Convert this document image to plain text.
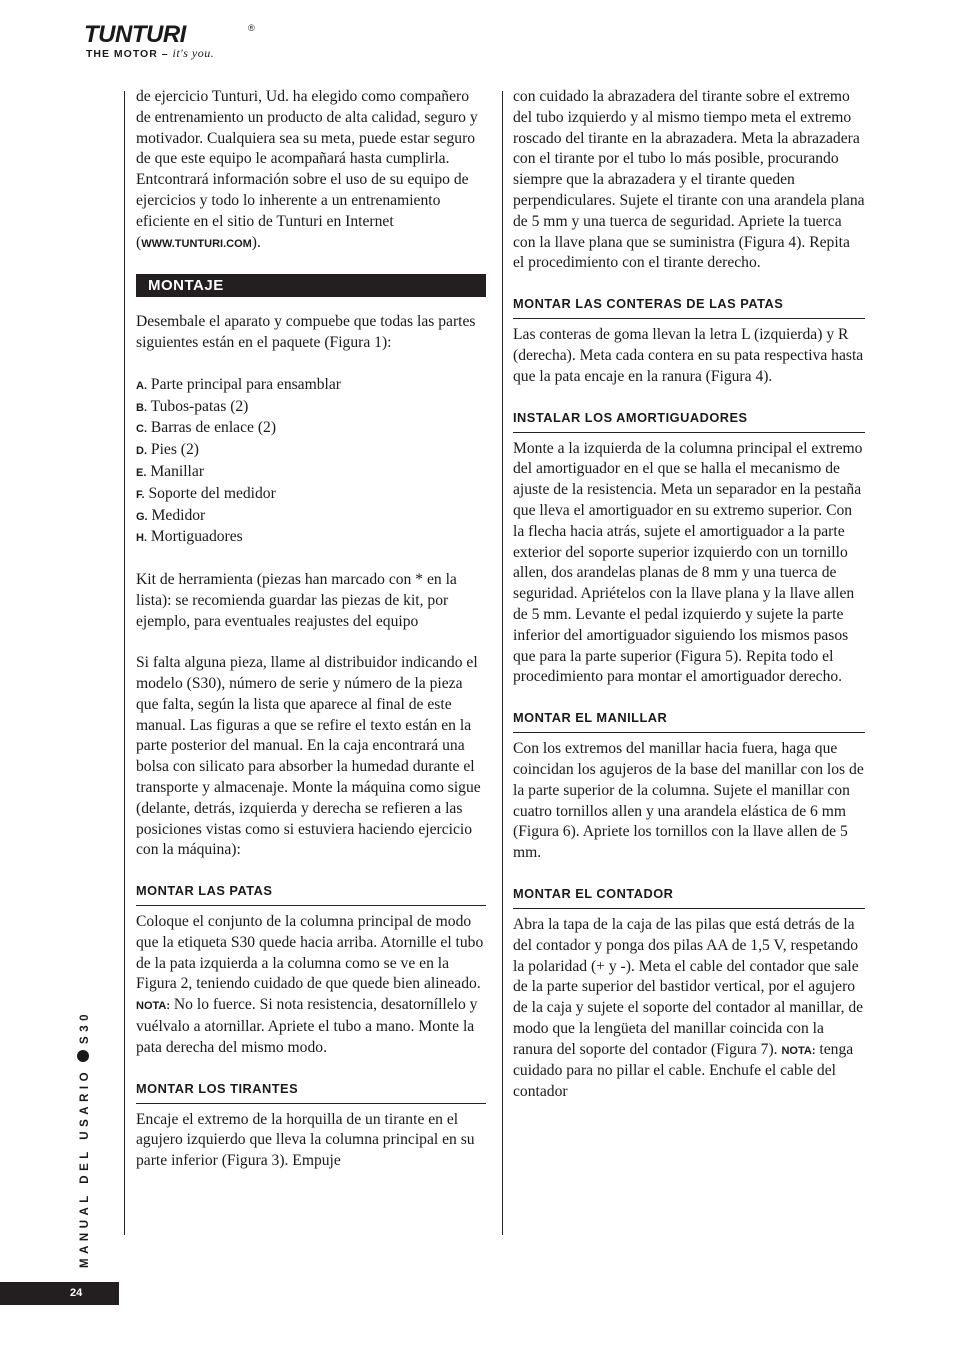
TUNTURI	®
THE MOTOR – it's you.

de ejercicio Tunturi, Ud. ha elegido como compañero de entrenamiento un producto de alta calidad, seguro y motivador. Cualquiera sea su meta, puede estar seguro de que este equipo le acompañará hasta cumplirla. Entcontrará información sobre el uso de su equipo de ejercicios y todo lo inherente a un entrenamiento eficiente en el sitio de Tunturi en Internet (WWW.TUNTURI.COM).

MONTAJE

Desembale el aparato y compuebe que todas las partes siguientes están en el paquete (Figura 1):

A. Parte principal para ensamblar
B. Tubos-patas (2)
C. Barras de enlace (2)
D. Pies (2)
E. Manillar
F. Soporte del medidor
G. Medidor
H. Mortiguadores

Kit de herramienta (piezas han marcado con * en la lista): se recomienda guardar las piezas de kit, por ejemplo, para eventuales reajustes del equipo

Si falta alguna pieza, llame al distribuidor indicando el modelo (S30), número de serie y número de la pieza que falta, según la lista que aparece al final de este manual. Las figuras a que se refire el texto están en la parte posterior del manual. En la caja encontrará una bolsa con silicato para absorber la humedad durante el transporte y almacenaje. Monte la máquina como sigue (delante, detrás, izquierda y derecha se refieren a las posiciones vistas como si estuviera haciendo ejercicio con la máquina):

MONTAR LAS PATAS

Coloque el conjunto de la columna principal de modo que la etiqueta S30 quede hacia arriba. Atornille el tubo de la pata izquierda a la columna como se ve en la Figura 2, teniendo cuidado de que quede bien alineado. NOTA: No lo fuerce. Si nota resistencia, desatorníllelo y vuélvalo a atornillar. Apriete el tubo a mano. Monte la pata derecha del mismo modo.

MONTAR LOS TIRANTES

Encaje el extremo de la horquilla de un tirante en el agujero izquierdo que lleva la columna principal en su parte inferior (Figura 3). Empuje

con cuidado la abrazadera del tirante sobre el extremo del tubo izquierdo y al mismo tiempo meta el extremo roscado del tirante en la abrazadera. Meta la abrazadera con el tirante por el tubo lo más posible, procurando siempre que la abrazadera y el tirante queden perpendiculares. Sujete el tirante con una arandela plana de 5 mm y una tuerca de seguridad. Apriete la tuerca con la llave plana que se suministra (Figura 4). Repita el procedimiento con el tirante derecho.

MONTAR LAS CONTERAS DE LAS PATAS

Las conteras de goma llevan la letra L (izquierda) y R (derecha). Meta cada contera en su pata respectiva hasta que la pata encaje en la ranura (Figura 4).

INSTALAR LOS AMORTIGUADORES

Monte a la izquierda de la columna principal el extremo del amortiguador en el que se halla el mecanismo de ajuste de la resistencia. Meta un separador en la pestaña que lleva el amortiguador en su extremo superior. Con la flecha hacia atrás, sujete el amortiguador a la parte exterior del soporte superior izquierdo con un tornillo allen, dos arandelas planas de 8 mm y una tuerca de seguridad. Apriételos con la llave plana y la llave allen de 5 mm. Levante el pedal izquierdo y sujete la parte inferior del amortiguador siguiendo los mismos pasos que para la parte superior (Figura 5). Repita todo el procedimiento para montar el amortiguador derecho.

MONTAR EL MANILLAR

Con los extremos del manillar hacia fuera, haga que coincidan los agujeros de la base del manillar con los de la parte superior de la columna. Sujete el manillar con cuatro tornillos allen y una arandela elástica de 6 mm (Figura 6). Apriete los tornillos con la llave allen de 5 mm.

MONTAR EL CONTADOR

Abra la tapa de la caja de las pilas que está detrás de la del contador y ponga dos pilas AA de 1,5 V, respetando la polaridad (+ y -). Meta el cable del contador que sale de la parte superior del bastidor vertical, por el agujero de la caja y sujete el soporte del contador al manillar, de modo que la lengüeta del manillar coincida con la ranura del soporte del contador (Figura 7). NOTA: tenga cuidado para no pillar el cable. Enchufe el cable del contador

MANUAL DEL USARIOS30
24
